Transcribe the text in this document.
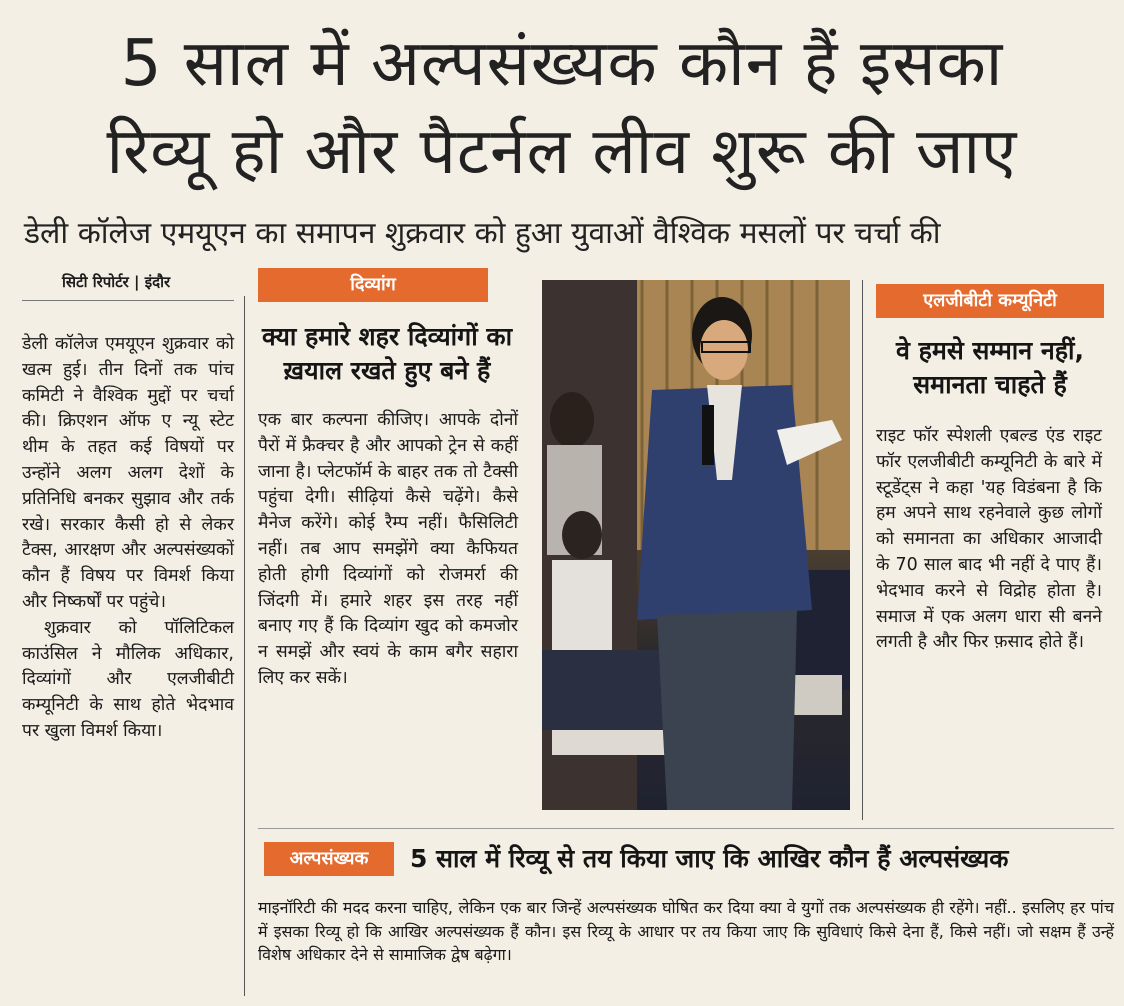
5 साल में अल्पसंख्यक कौन हैं इसका
रिव्यू हो और पैटर्नल लीव शुरू की जाए
डेली कॉलेज एमयूएन का समापन शुक्रवार को हुआ युवाओं वैश्विक मसलों पर चर्चा की
सिटी रिपोर्टर | इंदौर
डेली कॉलेज एमयूएन शुक्रवार को खत्म हुई। तीन दिनों तक पांच कमिटी ने वैश्विक मुद्दों पर चर्चा की। क्रिएशन ऑफ ए न्यू स्टेट थीम के तहत कई विषयों पर उन्होंने अलग अलग देशों के प्रतिनिधि बनकर सुझाव और तर्क रखे। सरकार कैसी हो से लेकर टैक्स, आरक्षण और अल्पसंख्यकों कौन हैं विषय पर विमर्श किया और निष्कर्षों पर पहुंचे।
शुक्रवार को पॉलिटिकल काउंसिल ने मौलिक अधिकार, दिव्यांगों और एलजीबीटी कम्यूनिटी के साथ होते भेदभाव पर खुला विमर्श किया।
दिव्यांग
क्या हमारे शहर दिव्यांगों का ख़याल रखते हुए बने हैं
एक बार कल्पना कीजिए। आपके दोनों पैरों में फ्रैक्चर है और आपको ट्रेन से कहीं जाना है। प्लेटफॉर्म के बाहर तक तो टैक्सी पहुंचा देगी। सीढ़ियां कैसे चढ़ेंगे। कैसे मैनेज करेंगे। कोई रैम्प नहीं। फैसिलिटी नहीं। तब आप समझेंगे क्या कैफियत होती होगी दिव्यांगों को रोजमर्रा की जिंदगी में। हमारे शहर इस तरह नहीं बनाए गए हैं कि दिव्यांग खुद को कमजोर न समझें और स्वयं के काम बगैर सहारा लिए कर सकें।
एलजीबीटी कम्यूनिटी
वे हमसे सम्मान नहीं, समानता चाहते हैं
राइट फॉर स्पेशली एबल्ड एंड राइट फॉर एलजीबीटी कम्यूनिटी के बारे में स्टूडेंट्स ने कहा 'यह विडंबना है कि हम अपने साथ रहनेवाले कुछ लोगों को समानता का अधिकार आजादी के 70 साल बाद भी नहीं दे पाए हैं। भेदभाव करने से विद्रोह होता है। समाज में एक अलग धारा सी बनने लगती है और फिर फ़साद होते हैं।
अल्पसंख्यक	5 साल में रिव्यू से तय किया जाए कि आखिर कौन हैं अल्पसंख्यक
माइनॉरिटी की मदद करना चाहिए, लेकिन एक बार जिन्हें अल्पसंख्यक घोषित कर दिया क्या वे युगों तक अल्पसंख्यक ही रहेंगे। नहीं.. इसलिए हर पांच में इसका रिव्यू हो कि आखिर अल्पसंख्यक हैं कौन। इस रिव्यू के आधार पर तय किया जाए कि सुविधाएं किसे देना हैं, किसे नहीं। जो सक्षम हैं उन्हें विशेष अधिकार देने से सामाजिक द्वेष बढ़ेगा।
